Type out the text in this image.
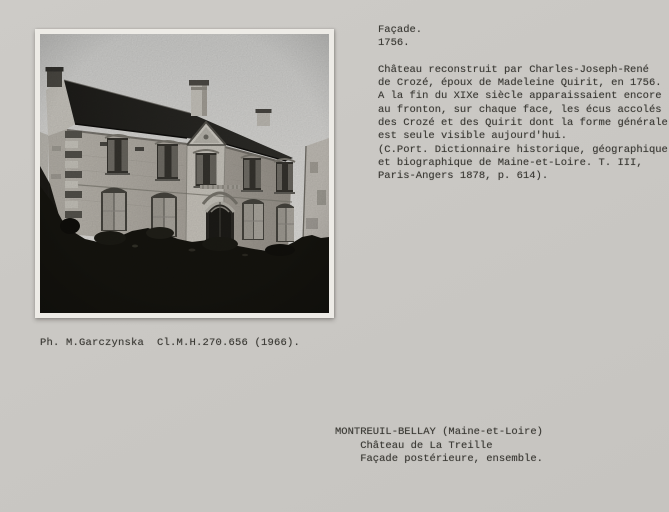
Ph. M.Garczynska  Cl.M.H.270.656 (1966).
Façade.
1756.
Château reconstruit par Charles-Joseph-René
de Crozé, époux de Madeleine Quirit, en 1756.
A la fin du XIXe siècle apparaissaient encore
au fronton, sur chaque face, les écus accolés
des Crozé et des Quirit dont la forme générale
est seule visible aujourd'hui.
(C.Port. Dictionnaire historique, géographique
et biographique de Maine-et-Loire. T. III,
Paris-Angers 1878, p. 614).
MONTREUIL-BELLAY (Maine-et-Loire)
Château de La Treille
Façade postérieure, ensemble.
